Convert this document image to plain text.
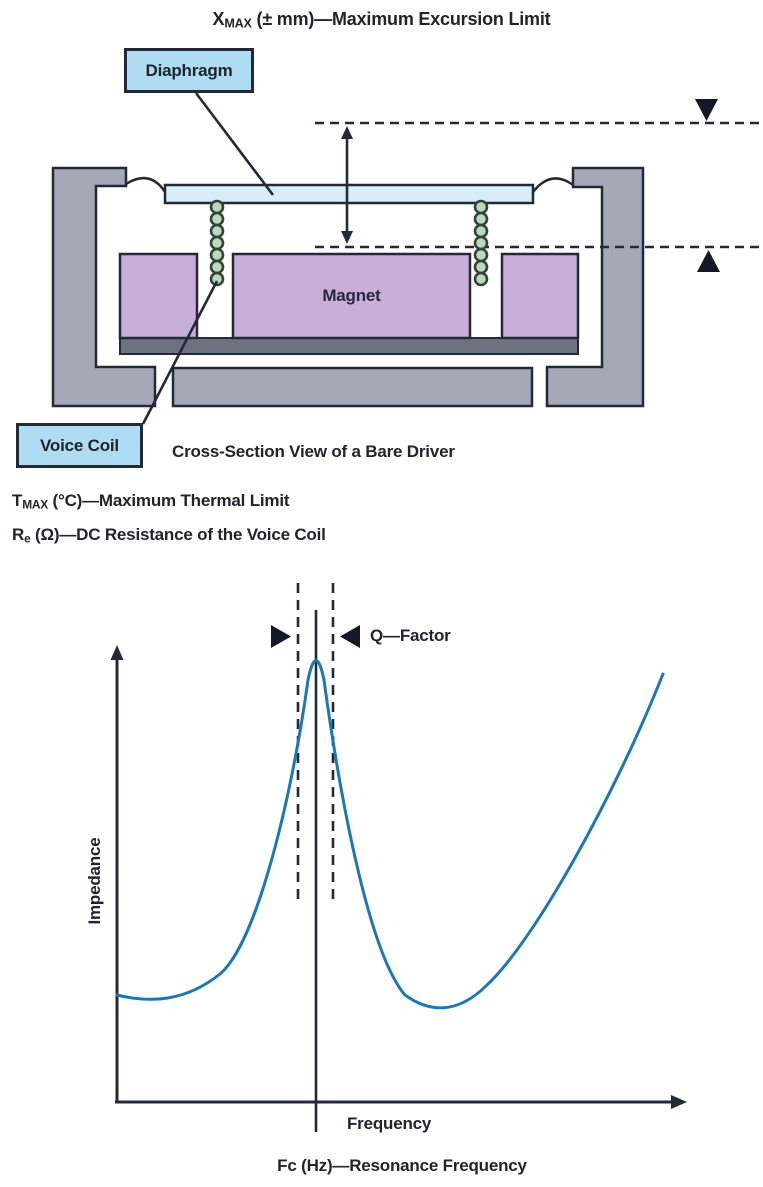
$X_{MAX}$ (± mm)—Maximum Excursion Limit
Diaphragm
Magnet
Voice Coil	Cross-Section View of a Bare Driver
$T_{MAX}$ (°C)—Maximum Thermal Limit
$R_e$ (Ω)—DC Resistance of the Voice Coil
Q—Factor
Impedance
Frequency
Fc (Hz)—Resonance Frequency
